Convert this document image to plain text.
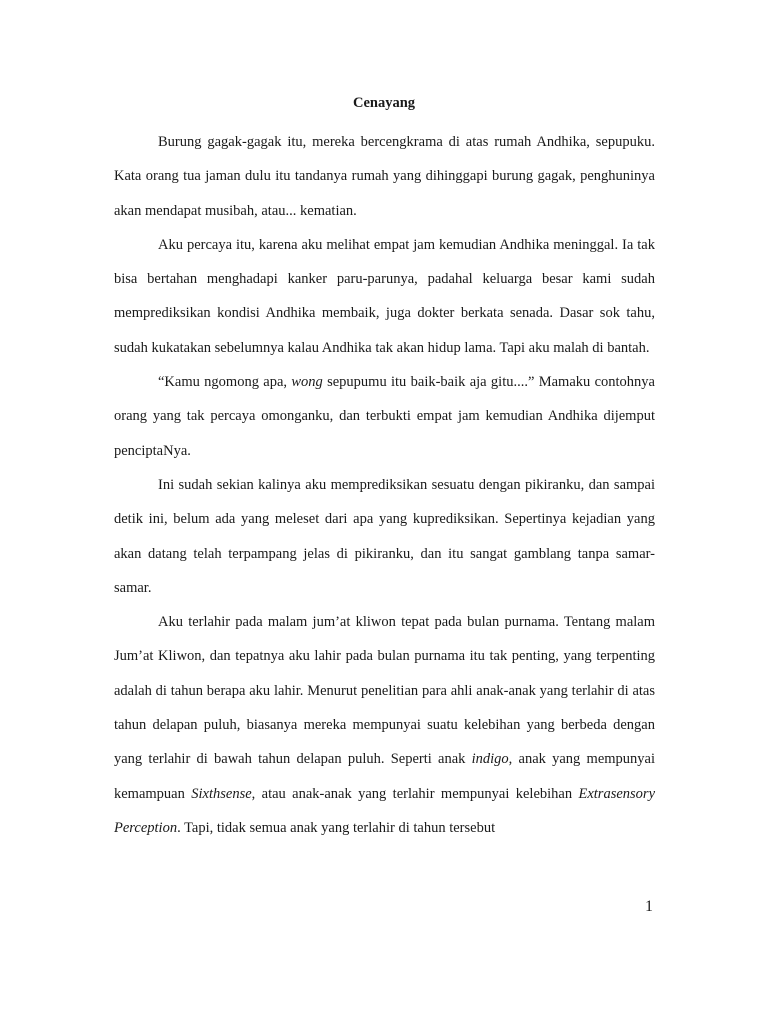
Cenayang

Burung gagak-gagak itu, mereka bercengkrama di atas rumah Andhika, sepupuku. Kata orang tua jaman dulu itu tandanya rumah yang dihinggapi burung gagak, penghuninya akan mendapat musibah, atau... kematian.

Aku percaya itu, karena aku melihat empat jam kemudian Andhika meninggal. Ia tak bisa bertahan menghadapi kanker paru-parunya, padahal keluarga besar kami sudah memprediksikan kondisi Andhika membaik, juga dokter berkata senada. Dasar sok tahu, sudah kukatakan sebelumnya kalau Andhika tak akan hidup lama. Tapi aku malah di bantah.

“Kamu ngomong apa, wong sepupumu itu baik-baik aja gitu....” Mamaku contohnya orang yang tak percaya omonganku, dan terbukti empat jam kemudian Andhika dijemput penciptaNya.

Ini sudah sekian kalinya aku memprediksikan sesuatu dengan pikiranku, dan sampai detik ini, belum ada yang meleset dari apa yang kuprediksikan. Sepertinya kejadian yang akan datang telah terpampang jelas di pikiranku, dan itu sangat gamblang tanpa samar-samar.

Aku terlahir pada malam jum’at kliwon tepat pada bulan purnama. Tentang malam Jum’at Kliwon, dan tepatnya aku lahir pada bulan purnama itu tak penting, yang terpenting adalah di tahun berapa aku lahir. Menurut penelitian para ahli anak-anak yang terlahir di atas tahun delapan puluh, biasanya mereka mempunyai suatu kelebihan yang berbeda dengan yang terlahir di bawah tahun delapan puluh. Seperti anak indigo, anak yang mempunyai kemampuan Sixthsense, atau anak-anak yang terlahir mempunyai kelebihan Extrasensory Perception. Tapi, tidak semua anak yang terlahir di tahun tersebut

1
